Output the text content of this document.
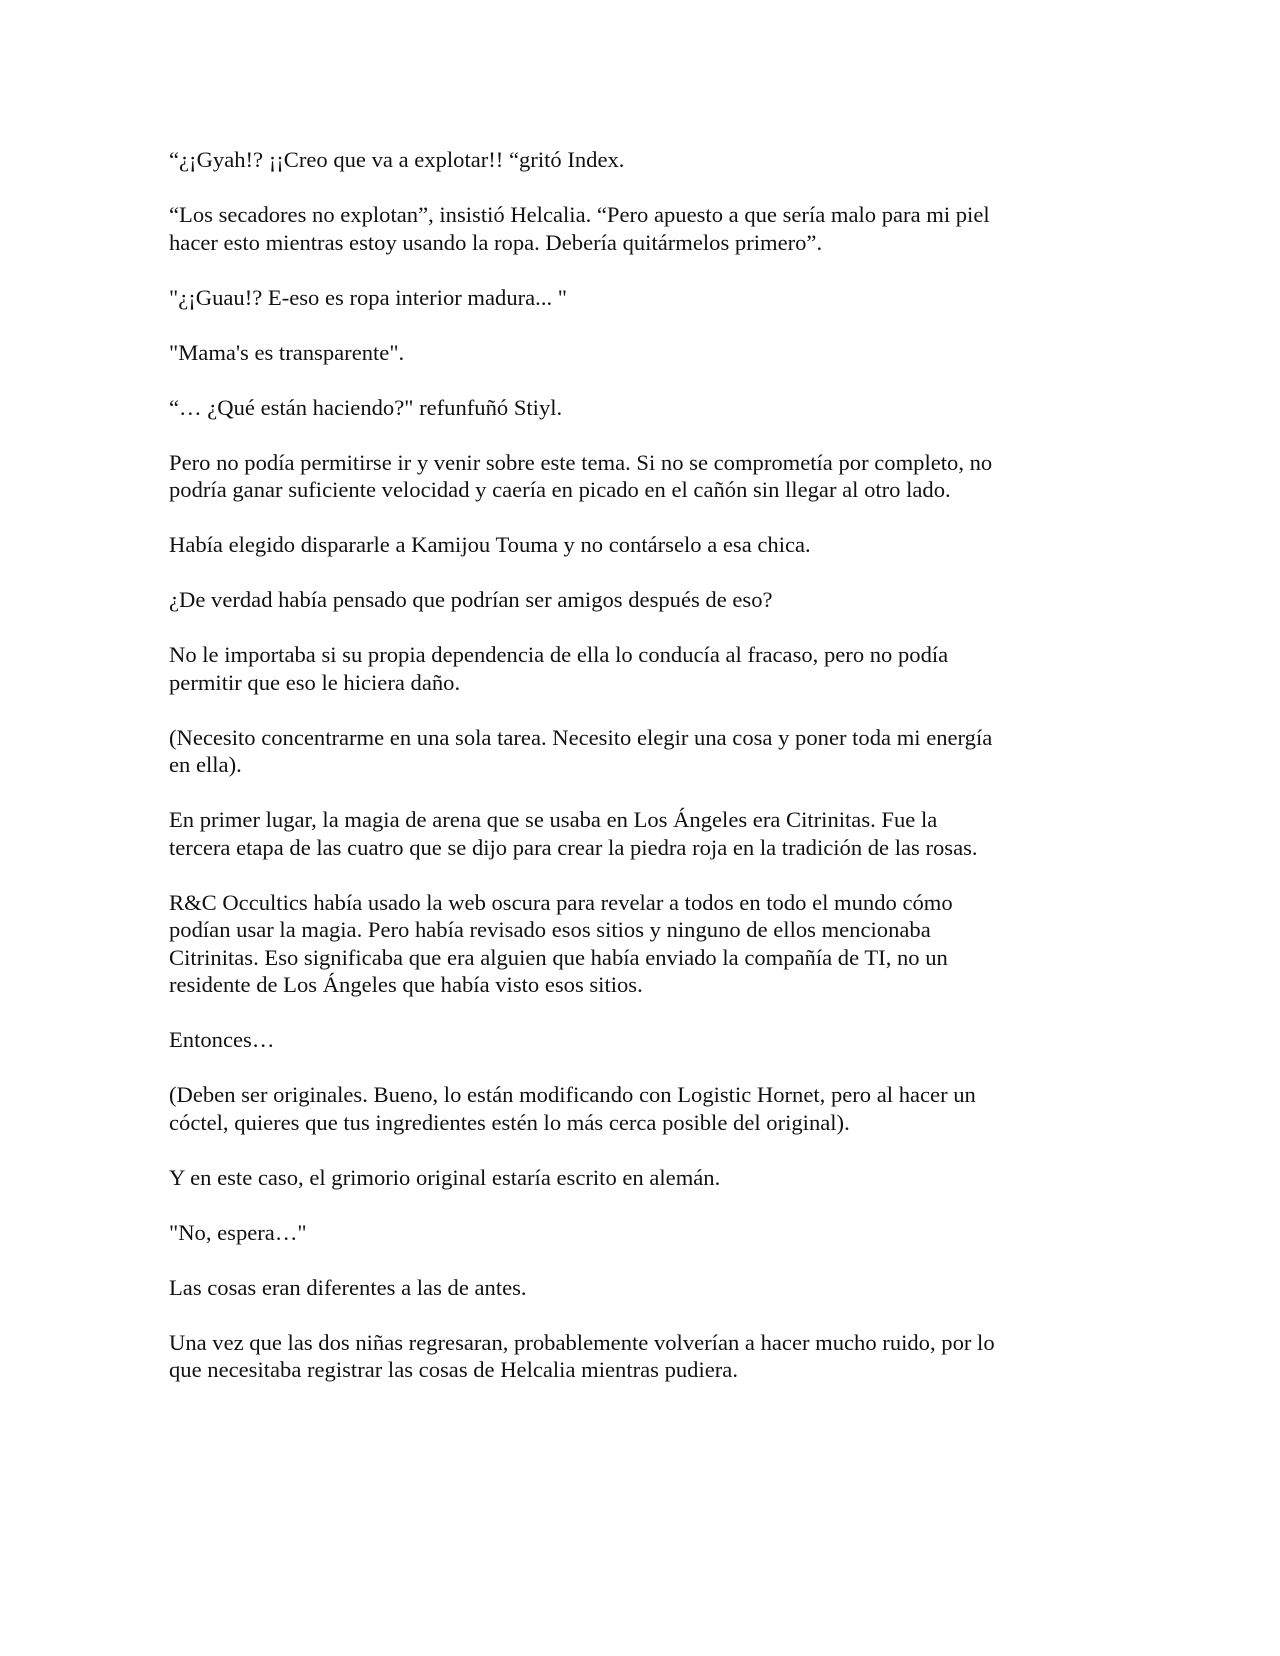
“¿¡Gyah!? ¡¡Creo que va a explotar!! “gritó Index.

“Los secadores no explotan”, insistió Helcalia. “Pero apuesto a que sería malo para mi piel
hacer esto mientras estoy usando la ropa. Debería quitármelos primero”.

"¿¡Guau!? E-eso es ropa interior madura... "

"Mama's es transparente".

“… ¿Qué están haciendo?" refunfuñó Stiyl.

Pero no podía permitirse ir y venir sobre este tema. Si no se comprometía por completo, no
podría ganar suficiente velocidad y caería en picado en el cañón sin llegar al otro lado.

Había elegido dispararle a Kamijou Touma y no contárselo a esa chica.

¿De verdad había pensado que podrían ser amigos después de eso?

No le importaba si su propia dependencia de ella lo conducía al fracaso, pero no podía
permitir que eso le hiciera daño.

(Necesito concentrarme en una sola tarea. Necesito elegir una cosa y poner toda mi energía
en ella).

En primer lugar, la magia de arena que se usaba en Los Ángeles era Citrinitas. Fue la
tercera etapa de las cuatro que se dijo para crear la piedra roja en la tradición de las rosas.

R&C Occultics había usado la web oscura para revelar a todos en todo el mundo cómo
podían usar la magia. Pero había revisado esos sitios y ninguno de ellos mencionaba
Citrinitas. Eso significaba que era alguien que había enviado la compañía de TI, no un
residente de Los Ángeles que había visto esos sitios.

Entonces…

(Deben ser originales. Bueno, lo están modificando con Logistic Hornet, pero al hacer un
cóctel, quieres que tus ingredientes estén lo más cerca posible del original).

Y en este caso, el grimorio original estaría escrito en alemán.

"No, espera…"

Las cosas eran diferentes a las de antes.

Una vez que las dos niñas regresaran, probablemente volverían a hacer mucho ruido, por lo
que necesitaba registrar las cosas de Helcalia mientras pudiera.
